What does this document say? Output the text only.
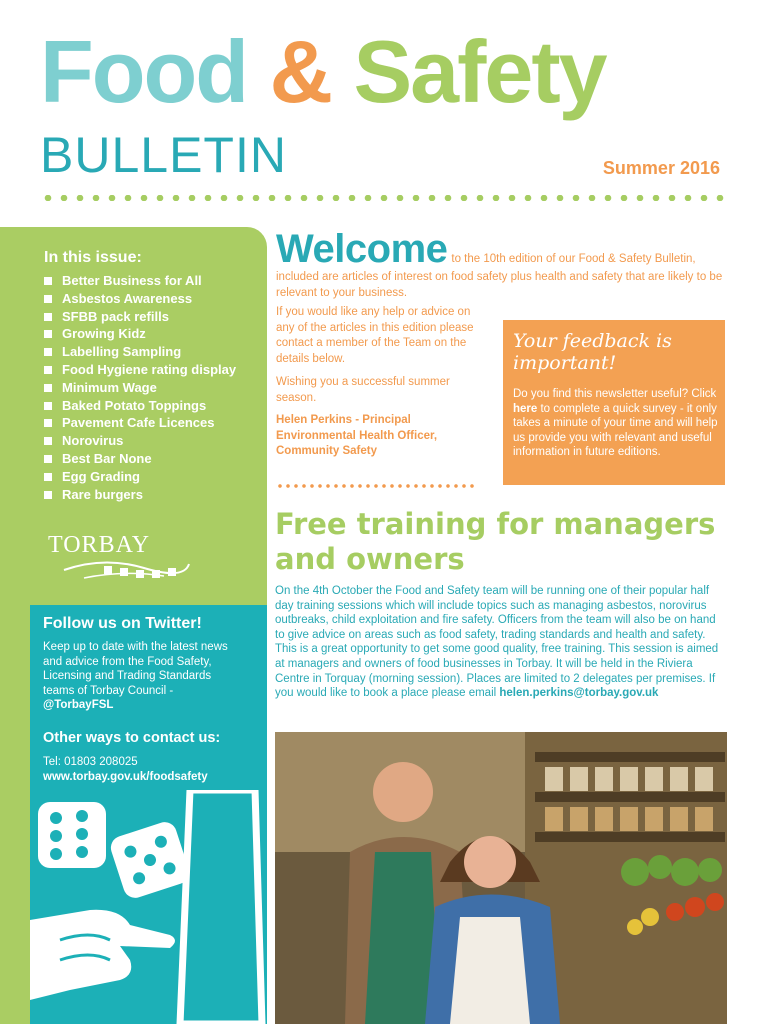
Food & Safety
BULLETIN	Summer 2016
In this issue:
Better Business for All
Asbestos Awareness
SFBB pack refills
Growing Kidz
Labelling Sampling
Food Hygiene rating display
Minimum Wage
Baked Potato Toppings
Pavement Cafe Licences
Norovirus
Best Bar None
Egg Grading
Rare burgers
TORBAY
Follow us on Twitter!
Keep up to date with the latest news and advice from the Food Safety, Licensing and Trading Standards teams of Torbay Council - @TorbayFSL
Other ways to contact us:
Tel: 01803 208025
www.torbay.gov.uk/foodsafety
Welcome to the 10th edition of our Food & Safety Bulletin, included are articles of interest on food safety plus health and safety that are likely to be relevant to your business.
If you would like any help or advice on any of the articles in this edition please contact a member of the Team on the details below.
Wishing you a successful summer season.
Helen Perkins - Principal Environmental Health Officer, Community Safety
Your feedback is important!
Do you find this newsletter useful? Click here to complete a quick survey - it only takes a minute of your time and will help us provide you with relevant and useful information in future editions.
Free training for managers and owners
On the 4th October the Food and Safety team will be running one of their popular half day training sessions which will include topics such as managing asbestos, norovirus outbreaks, child exploitation and fire safety. Officers from the team will also be on hand to give advice on areas such as food safety, trading standards and health and safety. This is a great opportunity to get some good quality, free training. This session is aimed at managers and owners of food businesses in Torbay. It will be held in the Riviera Centre in Torquay (morning session). Places are limited to 2 delegates per premises. If you would like to book a place please email helen.perkins@torbay.gov.uk
